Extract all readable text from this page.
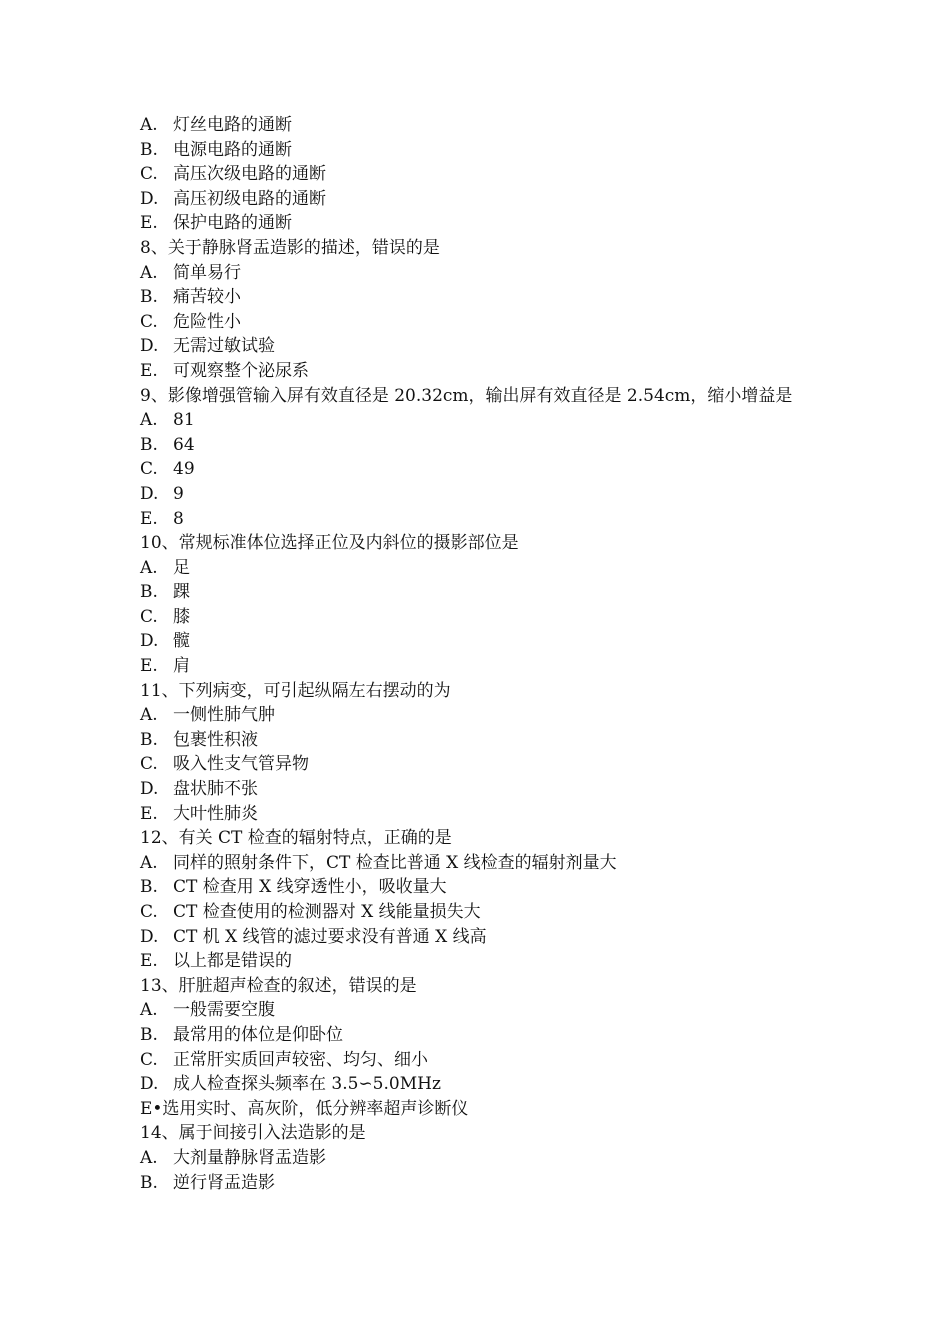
A. 灯丝电路的通断
B. 电源电路的通断
C. 高压次级电路的通断
D. 高压初级电路的通断
E. 保护电路的通断
8、关于静脉肾盂造影的描述，错误的是
A. 简单易行
B. 痛苦较小
C. 危险性小
D. 无需过敏试验
E. 可观察整个泌尿系
9、影像增强管输入屏有效直径是 20.32cm，输出屏有效直径是 2.54cm，缩小增益是
A. 81
B. 64
C. 49
D. 9
E. 8
10、常规标准体位选择正位及内斜位的摄影部位是
A. 足
B. 踝
C. 膝
D. 髋
E. 肩
11、下列病变，可引起纵隔左右摆动的为
A. 一侧性肺气肿
B. 包裹性积液
C. 吸入性支气管异物
D. 盘状肺不张
E. 大叶性肺炎
12、有关 CT 检查的辐射特点，正确的是
A. 同样的照射条件下，CT 检查比普通 X 线检查的辐射剂量大
B. CT 检查用 X 线穿透性小，吸收量大
C. CT 检查使用的检测器对 X 线能量损失大
D. CT 机 X 线管的滤过要求没有普通 X 线高
E. 以上都是错误的
13、肝脏超声检查的叙述，错误的是
A. 一般需要空腹
B. 最常用的体位是仰卧位
C. 正常肝实质回声较密、均匀、细小
D. 成人检查探头频率在 3.5∽5.0MHz
E•选用实时、高灰阶，低分辨率超声诊断仪
14、属于间接引入法造影的是
A. 大剂量静脉肾盂造影
B. 逆行肾盂造影
